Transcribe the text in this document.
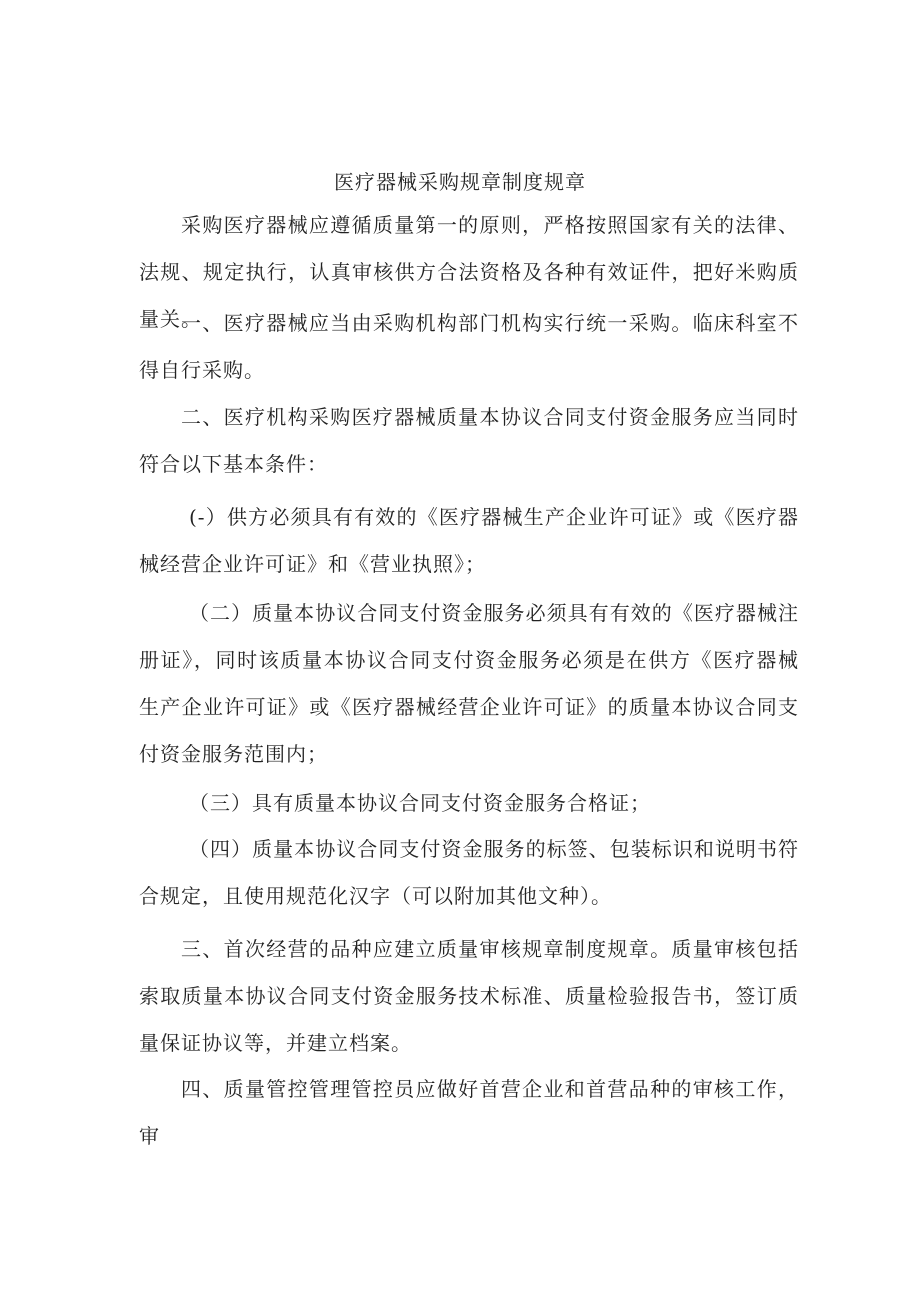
医疗器械采购规章制度规章

采购医疗器械应遵循质量第一的原则，严格按照国家有关的法律、法规、规定执行，认真审核供方合法资格及各种有效证件，把好米购质量关。

一、医疗器械应当由采购机构部门机构实行统一采购。临床科室不得自行采购。

二、医疗机构采购医疗器械质量本协议合同支付资金服务应当同时符合以下基本条件：

(-）供方必须具有有效的《医疗器械生产企业许可证》或《医疗器械经营企业许可证》和《营业执照》；

（二）质量本协议合同支付资金服务必须具有有效的《医疗器械注册证》，同时该质量本协议合同支付资金服务必须是在供方《医疗器械生产企业许可证》或《医疗器械经营企业许可证》的质量本协议合同支付资金服务范围内；

（三）具有质量本协议合同支付资金服务合格证；

（四）质量本协议合同支付资金服务的标签、包装标识和说明书符合规定，且使用规范化汉字（可以附加其他文种）。

三、首次经营的品种应建立质量审核规章制度规章。质量审核包括索取质量本协议合同支付资金服务技术标准、质量检验报告书，签订质量保证协议等，并建立档案。

四、质量管控管理管控员应做好首营企业和首营品种的审核工作，审
